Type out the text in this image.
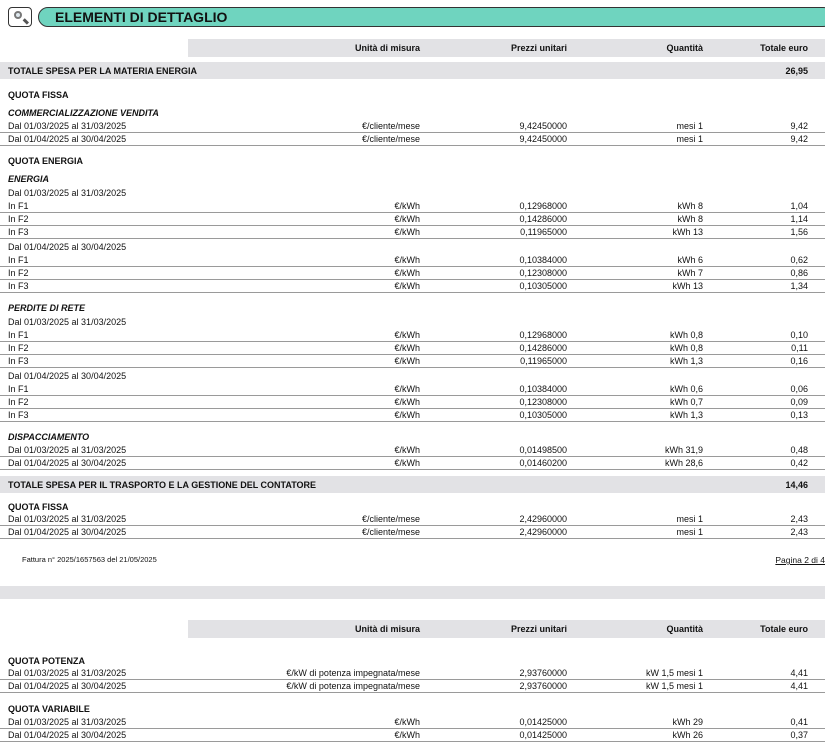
ELEMENTI DI DETTAGLIO
Unità di misura	Prezzi unitari	Quantità	Totale euro
TOTALE SPESA PER LA MATERIA ENERGIA	26,95
QUOTA FISSA
COMMERCIALIZZAZIONE VENDITA
Dal 01/03/2025 al 31/03/2025	€/cliente/mese	9,42450000	mesi 1	9,42
Dal 01/04/2025 al 30/04/2025	€/cliente/mese	9,42450000	mesi 1	9,42
QUOTA ENERGIA
ENERGIA
Dal 01/03/2025 al 31/03/2025
In F1	€/kWh	0,12968000	kWh 8	1,04
In F2	€/kWh	0,14286000	kWh 8	1,14
In F3	€/kWh	0,11965000	kWh 13	1,56
Dal 01/04/2025 al 30/04/2025
In F1	€/kWh	0,10384000	kWh 6	0,62
In F2	€/kWh	0,12308000	kWh 7	0,86
In F3	€/kWh	0,10305000	kWh 13	1,34
PERDITE DI RETE
Dal 01/03/2025 al 31/03/2025
In F1	€/kWh	0,12968000	kWh 0,8	0,10
In F2	€/kWh	0,14286000	kWh 0,8	0,11
In F3	€/kWh	0,11965000	kWh 1,3	0,16
Dal 01/04/2025 al 30/04/2025
In F1	€/kWh	0,10384000	kWh 0,6	0,06
In F2	€/kWh	0,12308000	kWh 0,7	0,09
In F3	€/kWh	0,10305000	kWh 1,3	0,13
DISPACCIAMENTO
Dal 01/03/2025 al 31/03/2025	€/kWh	0,01498500	kWh 31,9	0,48
Dal 01/04/2025 al 30/04/2025	€/kWh	0,01460200	kWh 28,6	0,42
TOTALE SPESA PER IL TRASPORTO E LA GESTIONE DEL CONTATORE	14,46
QUOTA FISSA
Dal 01/03/2025 al 31/03/2025	€/cliente/mese	2,42960000	mesi 1	2,43
Dal 01/04/2025 al 30/04/2025	€/cliente/mese	2,42960000	mesi 1	2,43
Fattura n° 2025/1657563 del 21/05/2025	Pagina 2 di 4
Unità di misura	Prezzi unitari	Quantità	Totale euro
QUOTA POTENZA
Dal 01/03/2025 al 31/03/2025	€/kW di potenza impegnata/mese	2,93760000	kW 1,5 mesi 1	4,41
Dal 01/04/2025 al 30/04/2025	€/kW di potenza impegnata/mese	2,93760000	kW 1,5 mesi 1	4,41
QUOTA VARIABILE
Dal 01/03/2025 al 31/03/2025	€/kWh	0,01425000	kWh 29	0,41
Dal 01/04/2025 al 30/04/2025	€/kWh	0,01425000	kWh 26	0,37
